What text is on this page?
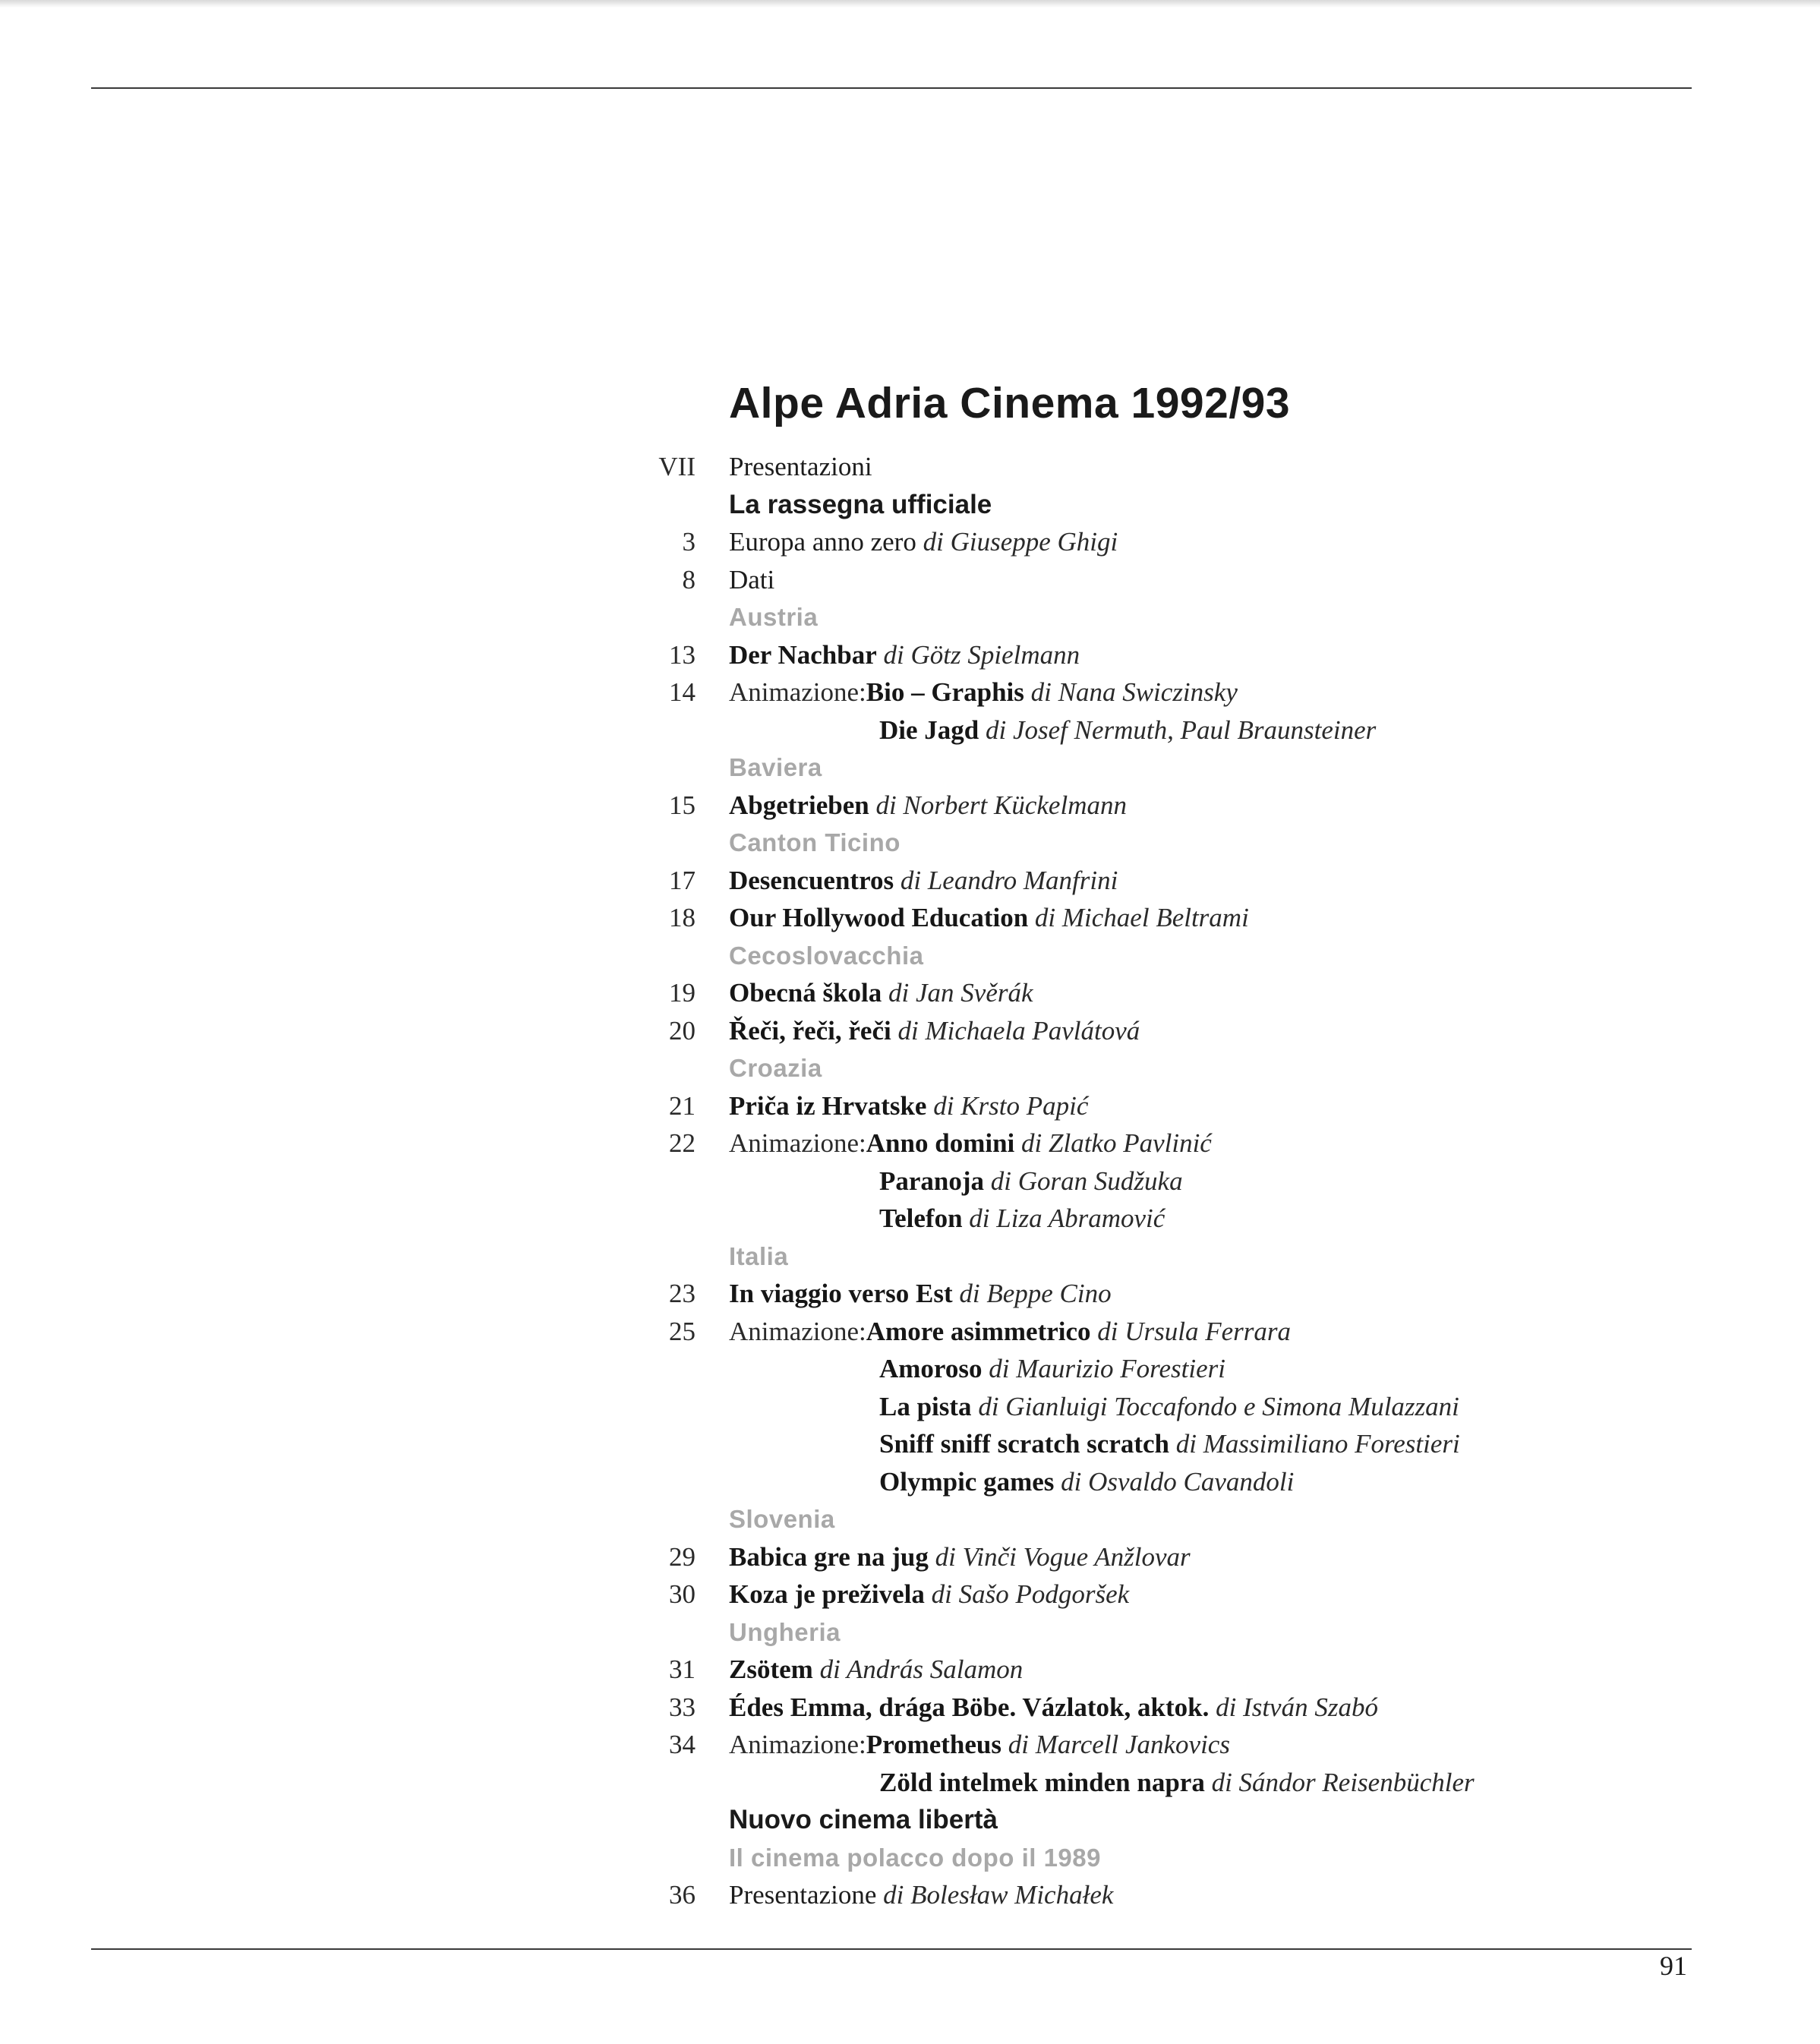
Alpe Adria Cinema 1992/93
VII Presentazioni
La rassegna ufficiale
3 Europa anno zero di Giuseppe Ghigi
8 Dati
Austria
13 Der Nachbar di Götz Spielmann
14 Animazione:Bio – Graphis di Nana Swiczinsky
Die Jagd di Josef Nermuth, Paul Braunsteiner
Baviera
15 Abgetrieben di Norbert Kückelmann
Canton Ticino
17 Desencuentros di Leandro Manfrini
18 Our Hollywood Education di Michael Beltrami
Cecoslovacchia
19 Obecná škola di Jan Svěrák
20 Řeči, řeči, řeči di Michaela Pavlátová
Croazia
21 Priča iz Hrvatske di Krsto Papić
22 Animazione:Anno domini di Zlatko Pavlinić
Paranoja di Goran Sudžuka
Telefon di Liza Abramović
Italia
23 In viaggio verso Est di Beppe Cino
25 Animazione:Amore asimmetrico di Ursula Ferrara
Amoroso di Maurizio Forestieri
La pista di Gianluigi Toccafondo e Simona Mulazzani
Sniff sniff scratch scratch di Massimiliano Forestieri
Olympic games di Osvaldo Cavandoli
Slovenia
29 Babica gre na jug di Vinči Vogue Anžlovar
30 Koza je preživela di Sašo Podgoršek
Ungheria
31 Zsötem di András Salamon
33 Édes Emma, drága Böbe. Vázlatok, aktok. di István Szabó
34 Animazione:Prometheus di Marcell Jankovics
Zöld intelmek minden napra di Sándor Reisenbüchler
Nuovo cinema libertà
Il cinema polacco dopo il 1989
36 Presentazione di Bolesław Michałek
91
